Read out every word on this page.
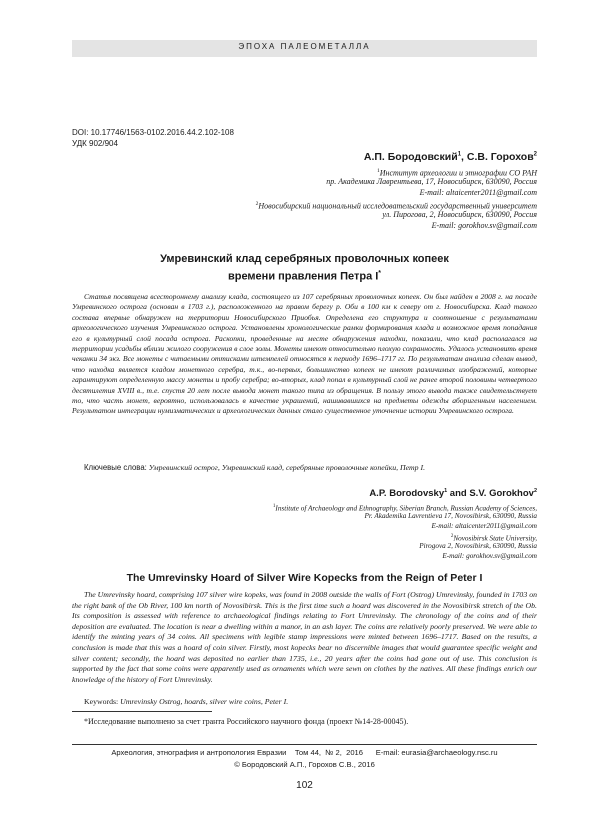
ЭПОХА ПАЛЕОМЕТАЛЛА
DOI: 10.17746/1563-0102.2016.44.2.102-108
УДК 902/904
А.П. Бородовский$^1$, С.В. Горохов$^2$
$^1$Институт археологии и этнографии СО РАН
пр. Академика Лаврентьева, 17, Новосибирск, 630090, Россия
E-mail: altaicenter2011@gmail.com
$^2$Новосибирский национальный исследовательский государственный университет
ул. Пирогова, 2, Новосибирск, 630090, Россия
E-mail: gorokhov.sv@gmail.com
Умревинский клад серебряных проволочных копеек
времени правления Петра I*

Статья посвящена всестороннему анализу клада, состоящего из 107 серебряных проволочных копеек. Он был найден в 2008 г. на посаде Умревинского острога (основан в 1703 г.), расположенного на правом берегу р. Оби в 100 км к северу от г. Новосибирска. Клад такого состава впервые обнаружен на территории Новосибирского Приобья. Определена его структура и соотношение с результатами археологического изучения Умревинского острога. Установлены хронологические рамки формирования клада и возможное время попадания его в культурный слой посада острога. Раскопки, проведенные на месте обнаружения находки, показали, что клад располагался на территории усадьбы вблизи жилого сооружения в слое золы. Монеты имеют относительно плохую сохранность. Удалось установить время чеканки 34 экз. Все монеты с читаемыми оттисками штемпелей относятся к периоду 1696–1717 гг. По результатам анализа сделан вывод, что находка является кладом монетного серебра, т.к., во-первых, большинство копеек не имеют различимых изображений, которые гарантируют определенную массу монеты и пробу серебра; во-вторых, клад попал в культурный слой не ранее второй половины четвертого десятилетия XVIII в., т.е. спустя 20 лет после вывода монет такого типа из обращения. В пользу этого вывода также свидетельствует то, что часть монет, вероятно, использовалась в качестве украшений, нашивавшихся на предметы одежды аборигенным населением. Результатом интеграции нумизматических и археологических данных стало существенное уточнение истории Умревинского острога.

Ключевые слова: Умревинский острог, Умревинский клад, серебряные проволочные копейки, Петр I.
A.P. Borodovsky$^1$ and S.V. Gorokhov$^2$
$^1$Institute of Archaeology and Ethnography, Siberian Branch, Russian Academy of Sciences,
Pr. Akademika Lavrentieva 17, Novosibirsk, 630090, Russia
E-mail: altaicenter2011@gmail.com
$^2$Novosibirsk State University,
Pirogova 2, Novosibirsk, 630090, Russia
E-mail: gorokhov.sv@gmail.com
The Umrevinsky Hoard of Silver Wire Kopecks from the Reign of Peter I

The Umrevinsky hoard, comprising 107 silver wire kopeks, was found in 2008 outside the walls of Fort (Ostrog) Umrevinsky, founded in 1703 on the right bank of the Ob River, 100 km north of Novosibirsk. This is the first time such a hoard was discovered in the Novosibirsk stretch of the Ob. Its composition is assessed with reference to archaeological findings relating to Fort Umrevinsky. The chronology of the coins and of their deposition are evaluated. The location is near a dwelling within a manor, in an ash layer. The coins are relatively poorly preserved. We were able to identify the minting years of 34 coins. All specimens with legible stamp impressions were minted between 1696–1717. Based on the results, a conclusion is made that this was a hoard of coin silver. Firstly, most kopecks bear no discernible images that would guarantee specific weight and silver content; secondly, the hoard was deposited no earlier than 1735, i.e., 20 years after the coins had gone out of use. This conclusion is supported by the fact that some coins were apparently used as ornaments which were sewn on clothes by the natives. All these findings enrich our knowledge of the history of Fort Umrevinsky.

Keywords: Umrevinsky Ostrog, hoards, silver wire coins, Peter I.
*Исследование выполнено за счет гранта Российского научного фонда (проект №14-28-00045).
Археология, этнография и антропология Евразии Том 44, № 2, 2016 E-mail: eurasia@archaeology.nsc.ru
© Бородовский А.П., Горохов С.В., 2016
102
